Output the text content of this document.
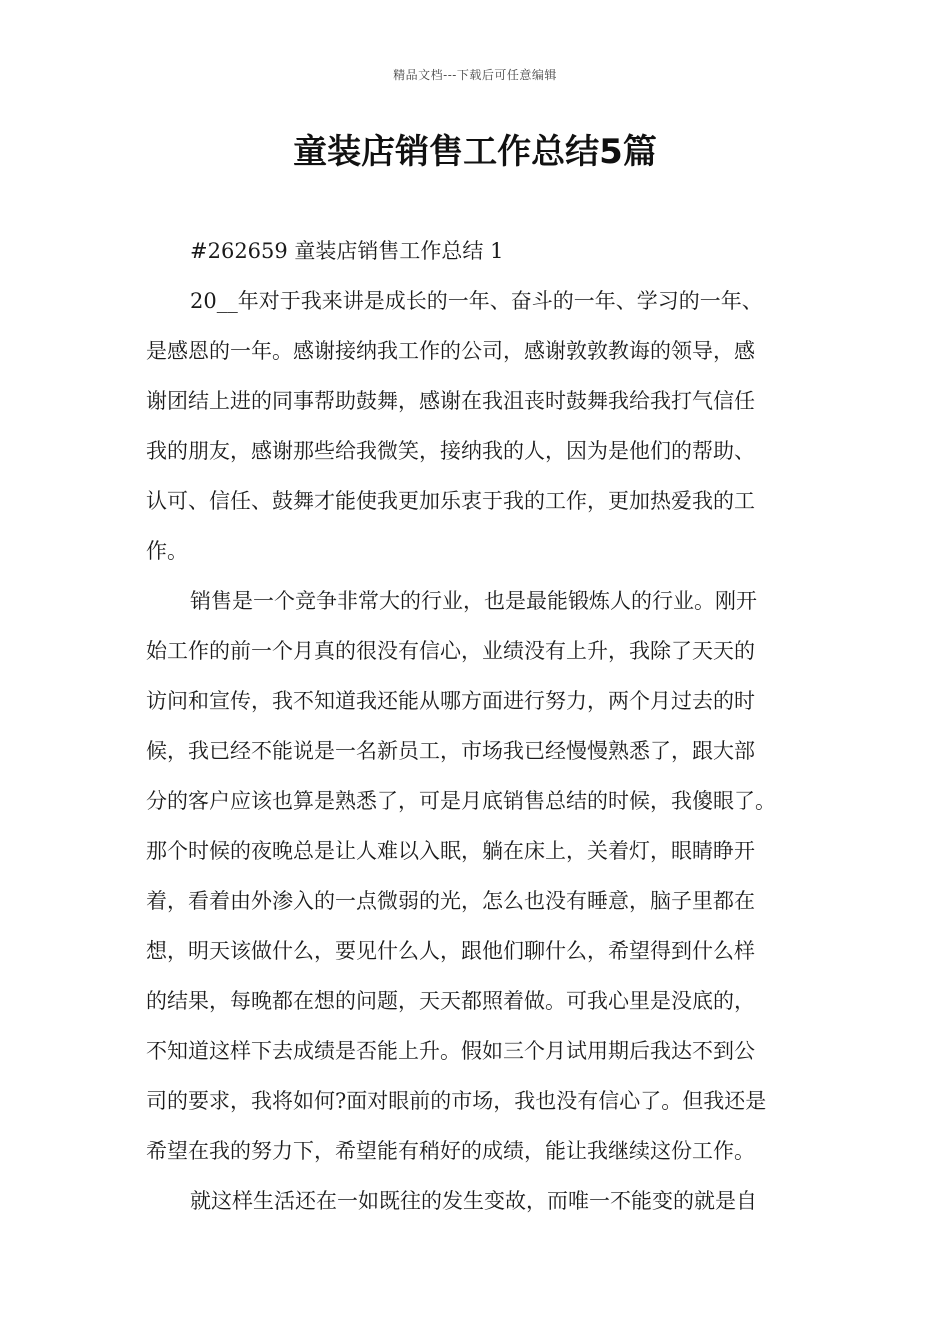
精品文档---下载后可任意编辑
童装店销售工作总结5篇
#262659 童装店销售工作总结 1
20__年对于我来讲是成长的一年、奋斗的一年、学习的一年、
是感恩的一年。感谢接纳我工作的公司，感谢敦敦教诲的领导，感
谢团结上进的同事帮助鼓舞，感谢在我沮丧时鼓舞我给我打气信任
我的朋友，感谢那些给我微笑，接纳我的人，因为是他们的帮助、
认可、信任、鼓舞才能使我更加乐衷于我的工作，更加热爱我的工
作。
销售是一个竞争非常大的行业，也是最能锻炼人的行业。刚开
始工作的前一个月真的很没有信心，业绩没有上升，我除了天天的
访问和宣传，我不知道我还能从哪方面进行努力，两个月过去的时
候，我已经不能说是一名新员工，市场我已经慢慢熟悉了，跟大部
分的客户应该也算是熟悉了，可是月底销售总结的时候，我傻眼了。
那个时候的夜晚总是让人难以入眠，躺在床上，关着灯，眼睛睁开
着，看着由外渗入的一点微弱的光，怎么也没有睡意，脑子里都在
想，明天该做什么，要见什么人，跟他们聊什么，希望得到什么样
的结果，每晚都在想的问题，天天都照着做。可我心里是没底的，
不知道这样下去成绩是否能上升。假如三个月试用期后我达不到公
司的要求，我将如何?面对眼前的市场，我也没有信心了。但我还是
希望在我的努力下，希望能有稍好的成绩，能让我继续这份工作。
就这样生活还在一如既往的发生变故，而唯一不能变的就是自
